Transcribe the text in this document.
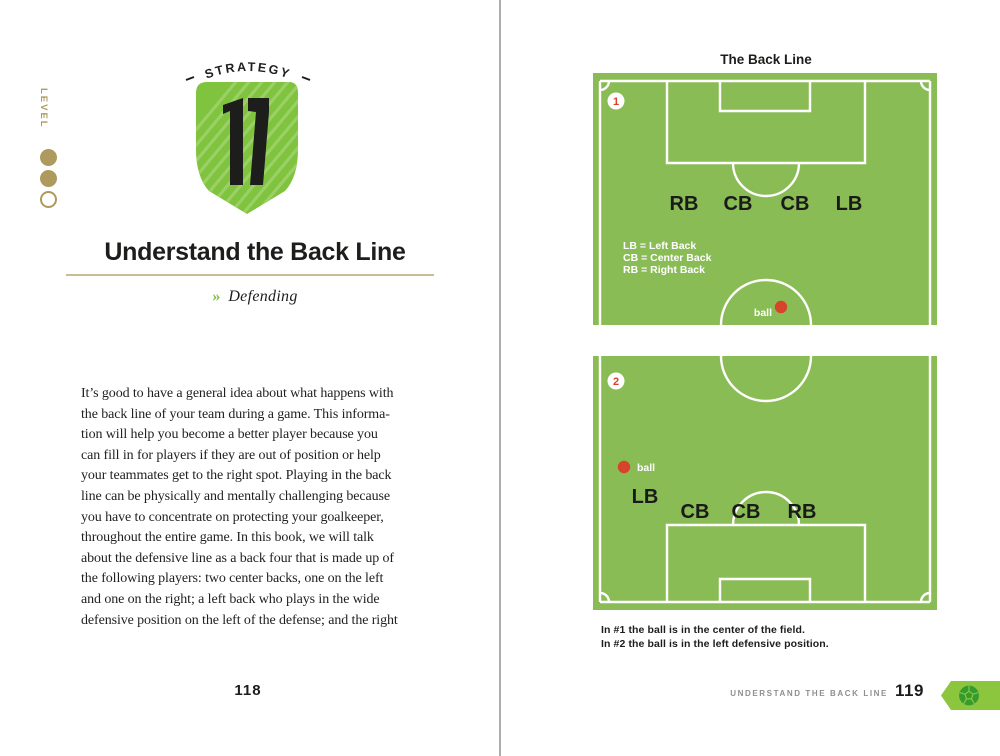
LEVEL
STRATEGY
Understand the Back Line
» Defending
It’s good to have a general idea about what happens with
the back line of your team during a game. This informa-
tion will help you become a better player because you
can fill in for players if they are out of position or help
your teammates get to the right spot. Playing in the back
line can be physically and mentally challenging because
you have to concentrate on protecting your goalkeeper,
throughout the entire game. In this book, we will talk
about the defensive line as a back four that is made up of
the following players: two center backs, one on the left
and one on the right; a left back who plays in the wide
defensive position on the left of the defense; and the right
118
The Back Line
1
RB CB CB LB
LB = Left Back
CB = Center Back
RB = Right Back
ball
2
ball
LB
CB CB RB
In #1 the ball is in the center of the field.
In #2 the ball is in the left defensive position.
UNDERSTAND THE BACK LINE 119
